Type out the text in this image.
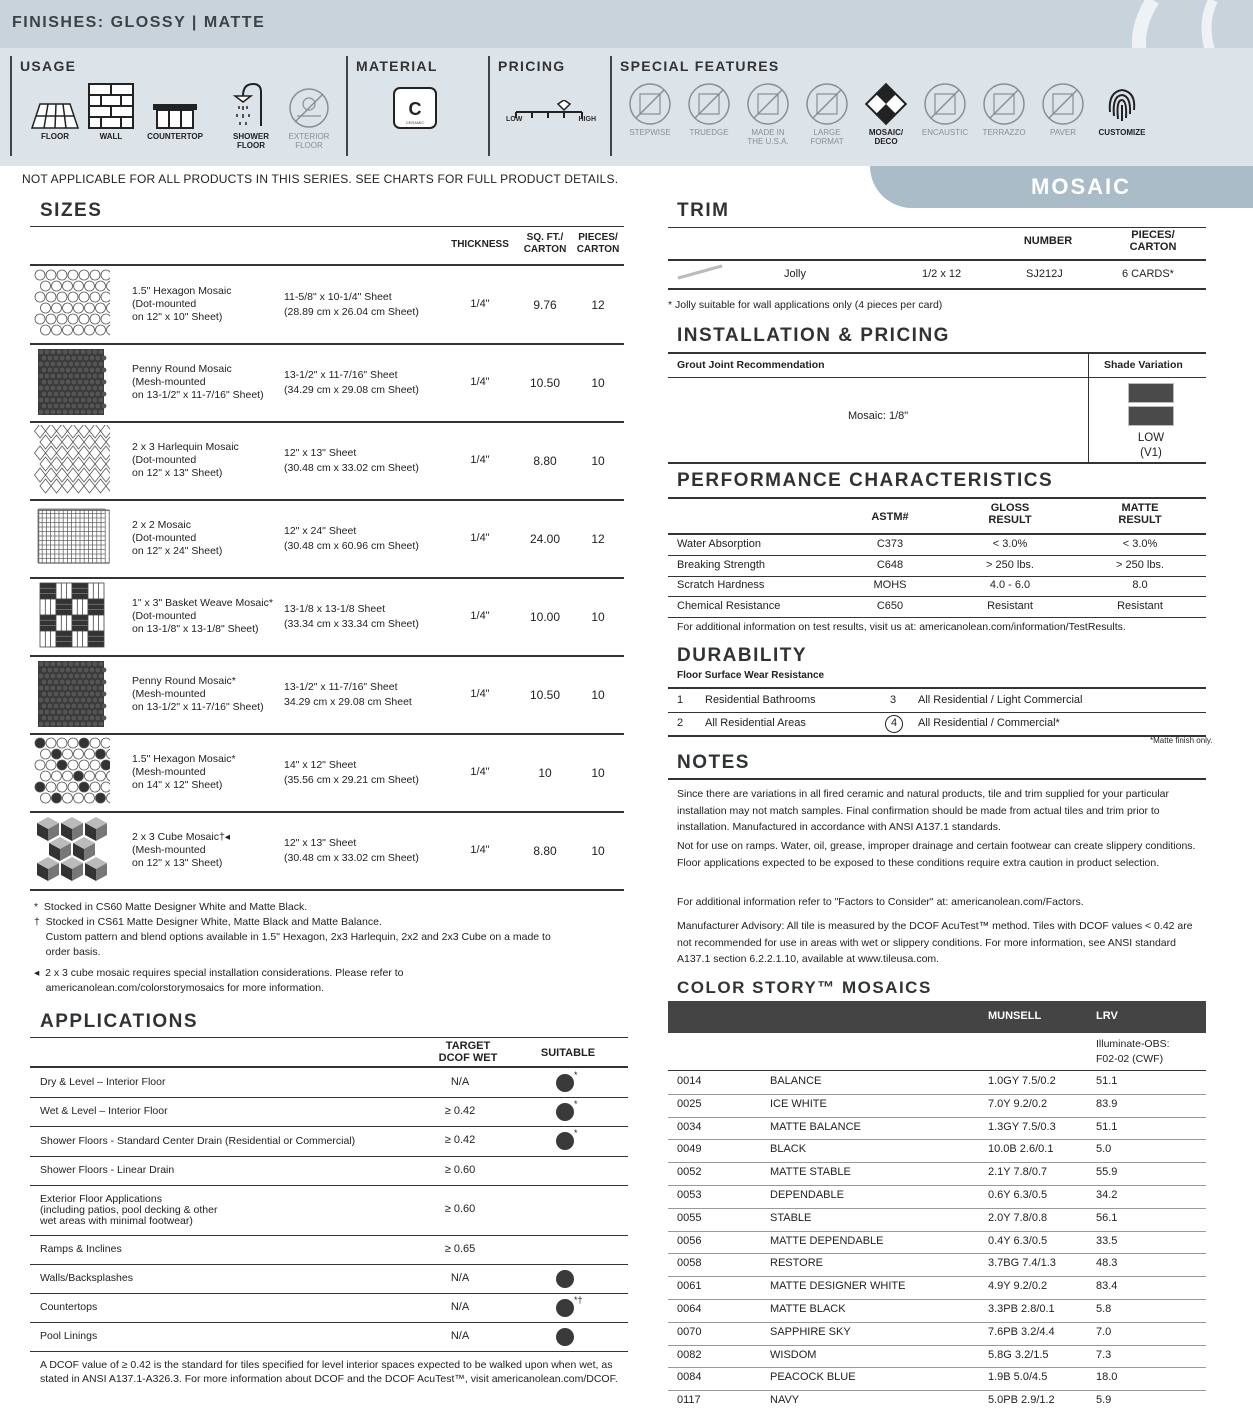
FINISHES: GLOSSY | MATTE
USAGE
FLOOR	WALL	COUNTERTOP	SHOWER
FLOOR
EXTERIOR
FLOOR
MATERIAL
C
CERAMIC
PRICING
LOW	HIGH
SPECIAL FEATURES
STEPWISE	TRUEDGE	MADE IN
THE U.S.A.
LARGE
FORMAT
MOSAIC/
DECO
ENCAUSTIC	TERRAZZO	PAVER	CUSTOMIZE
NOT APPLICABLE FOR ALL PRODUCTS IN THIS SERIES. SEE CHARTS FOR FULL PRODUCT DETAILS.	MOSAIC
SIZES
THICKNESS
SQ. FT./
CARTON
PIECES/
CARTON
1.5" Hexagon Mosaic
(Dot-mounted
on 12" x 10" Sheet)
11-5/8" x 10-1/4" Sheet
(28.89 cm x 26.04 cm Sheet)
1/4"	9.76	12
Penny Round Mosaic
(Mesh-mounted
on 13-1/2" x 11-7/16" Sheet)
13-1/2" x 11-7/16" Sheet
(34.29 cm x 29.08 cm Sheet)
1/4"	10.50	10
2 x 3 Harlequin Mosaic
(Dot-mounted
on 12" x 13" Sheet)
12" x 13" Sheet
(30.48 cm x 33.02 cm Sheet)
1/4"	8.80	10
2 x 2 Mosaic
(Dot-mounted
on 12" x 24" Sheet)
12" x 24" Sheet
(30.48 cm x 60.96 cm Sheet)
1/4"	24.00	12
1" x 3" Basket Weave Mosaic*
(Dot-mounted
on 13-1/8" x 13-1/8" Sheet)
13-1/8 x 13-1/8 Sheet
(33.34 cm x 33.34 cm Sheet)
1/4"	10.00	10
Penny Round Mosaic*
(Mesh-mounted
on 13-1/2" x 11-7/16" Sheet)
13-1/2" x 11-7/16" Sheet
34.29 cm x 29.08 cm Sheet
1/4"	10.50	10
1.5" Hexagon Mosaic*
(Mesh-mounted
on 14" x 12" Sheet)
14" x 12" Sheet
(35.56 cm x 29.21 cm Sheet)
1/4"	10	10
2 x 3 Cube Mosaic†◂
(Mesh-mounted
on 12" x 13" Sheet)
12" x 13" Sheet
(30.48 cm x 33.02 cm Sheet)
1/4"	8.80	10
*  Stocked in CS60 Matte Designer White and Matte Black.
†  Stocked in CS61 Matte Designer White, Matte Black and Matte Balance.
Custom pattern and blend options available in 1.5" Hexagon, 2x3 Harlequin, 2x2 and 2x3 Cube on a made to
order basis.
◂  2 x 3 cube mosaic requires special installation considerations. Please refer to
americanolean.com/colorstorymosaics for more information.
APPLICATIONS
TARGET
DCOF WET	SUITABLE
Dry & Level – Interior Floor	N/A
*
Wet & Level – Interior Floor	≥ 0.42
*
Shower Floors - Standard Center Drain (Residential or Commercial)	≥ 0.42
*
Shower Floors - Linear Drain	≥ 0.60
Exterior Floor Applications
(including patios, pool decking & other
wet areas with minimal footwear)
≥ 0.60
Ramps & Inclines	≥ 0.65
Walls/Backsplashes	N/A
Countertops	N/A
*†
Pool Linings	N/A
A DCOF value of ≥ 0.42 is the standard for tiles specified for level interior spaces expected to be walked upon when wet, as stated in ANSI A137.1-A326.3. For more information about DCOF and the DCOF AcuTest™, visit americanolean.com/DCOF.
TRIM
NUMBER	PIECES/
CARTON
Jolly	1/2 x 12	SJ212J	6 CARDS*
* Jolly suitable for wall applications only (4 pieces per card)
INSTALLATION & PRICING
Grout Joint Recommendation	Shade Variation
Mosaic: 1/8"
LOW
(V1)
PERFORMANCE CHARACTERISTICS
ASTM#
GLOSS
RESULT
MATTE
RESULT
Water Absorption	C373	< 3.0%	< 3.0%
Breaking Strength	C648	> 250 lbs.	> 250 lbs.
Scratch Hardness	MOHS	4.0 - 6.0	8.0
Chemical Resistance	C650	Resistant	Resistant
For additional information on test results, visit us at: americanolean.com/information/TestResults.
DURABILITY
Floor Surface Wear Resistance
1 Residential Bathrooms	3 All Residential / Light Commercial
2 All Residential Areas	4	All Residential / Commercial*
*Matte finish only.
NOTES
Since there are variations in all fired ceramic and natural products, tile and trim supplied for your particular installation may not match samples. Final confirmation should be made from actual tiles and trim prior to installation. Manufactured in accordance with ANSI A137.1 standards.
Not for use on ramps. Water, oil, grease, improper drainage and certain footwear can create slippery conditions. Floor applications expected to be exposed to these conditions require extra caution in product selection.
For additional information refer to "Factors to Consider" at: americanolean.com/Factors.
Manufacturer Advisory: All tile is measured by the DCOF AcuTest™ method. Tiles with DCOF values < 0.42 are not recommended for use in areas with wet or slippery conditions. For more information, see ANSI standard A137.1 section 6.2.2.1.10, available at www.tileusa.com.
COLOR STORY™ MOSAICS
MUNSELL	LRV
Illuminate-OBS:
F02-02 (CWF)
0014	BALANCE	1.0GY 7.5/0.2	51.1
0025	ICE WHITE	7.0Y 9.2/0.2	83.9
0034	MATTE BALANCE	1.3GY 7.5/0.3	51.1
0049	BLACK	10.0B 2.6/0.1	5.0
0052	MATTE STABLE	2.1Y 7.8/0.7	55.9
0053	DEPENDABLE	0.6Y 6.3/0.5	34.2
0055	STABLE	2.0Y 7.8/0.8	56.1
0056	MATTE DEPENDABLE	0.4Y 6.3/0.5	33.5
0058	RESTORE	3.7BG 7.4/1.3	48.3
0061	MATTE DESIGNER WHITE	4.9Y 9.2/0.2	83.4
0064	MATTE BLACK	3.3PB 2.8/0.1	5.8
0070	SAPPHIRE SKY	7.6PB 3.2/4.4	7.0
0082	WISDOM	5.8G 3.2/1.5	7.3
0084	PEACOCK BLUE	1.9B 5.0/4.5	18.0
0117	NAVY	5.0PB 2.9/1.2	5.9
